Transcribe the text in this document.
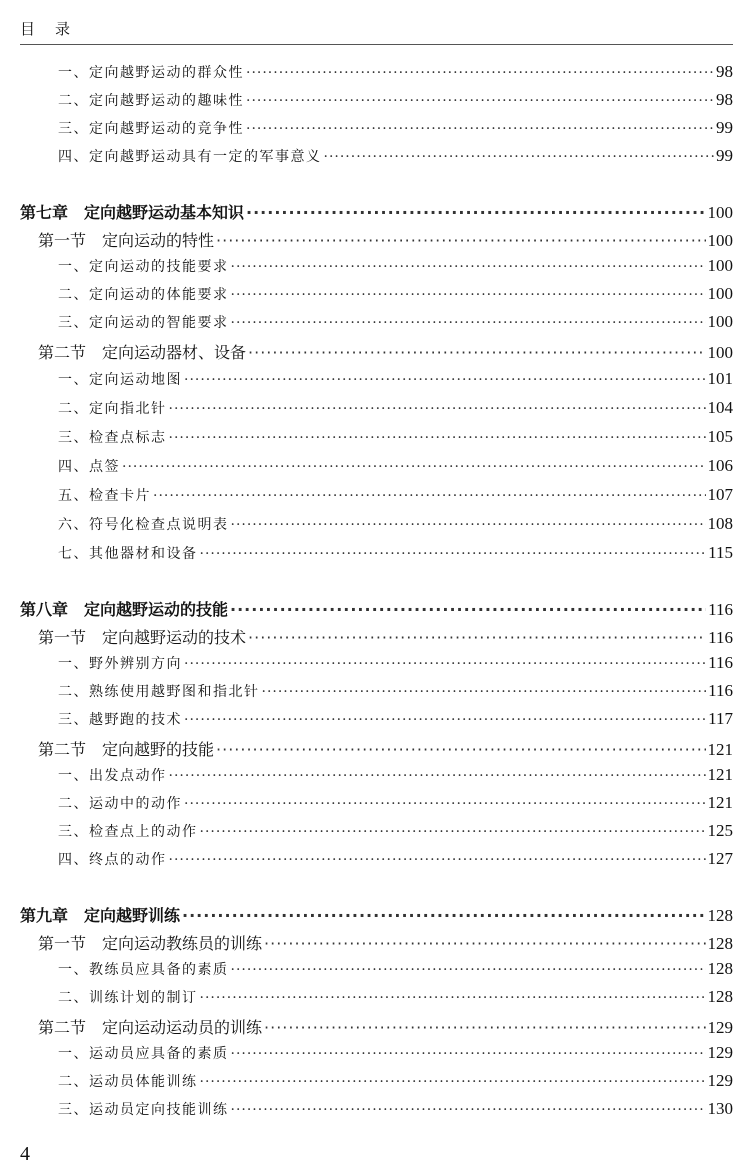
目录
一、定向越野运动的群众性 ·····	98
二、定向越野运动的趣味性 ·····	98
三、定向越野运动的竞争性 ·····	99
四、定向越野运动具有一定的军事意义 ·····	99
第七章　定向越野运动基本知识 ·····	100
第一节　定向运动的特性 ·····	100
一、定向运动的技能要求 ·····	100
二、定向运动的体能要求 ·····	100
三、定向运动的智能要求 ·····	100
第二节　定向运动器材、设备 ·····	100
一、定向运动地图 ·····	101
二、定向指北针 ·····	104
三、检查点标志 ·····	105
四、点签 ·····	106
五、检查卡片 ·····	107
六、符号化检查点说明表 ·····	108
七、其他器材和设备 ·····	115
第八章　定向越野运动的技能 ·····	116
第一节　定向越野运动的技术 ·····	116
一、野外辨别方向 ·····	116
二、熟练使用越野图和指北针 ·····	116
三、越野跑的技术 ·····	117
第二节　定向越野的技能 ·····	121
一、出发点动作 ·····	121
二、运动中的动作 ·····	121
三、检查点上的动作 ·····	125
四、终点的动作 ·····	127
第九章　定向越野训练 ·····	128
第一节　定向运动教练员的训练 ·····	128
一、教练员应具备的素质 ·····	128
二、训练计划的制订 ·····	128
第二节　定向运动运动员的训练 ·····	129
一、运动员应具备的素质 ·····	129
二、运动员体能训练 ·····	129
三、运动员定向技能训练 ·····	130
4
